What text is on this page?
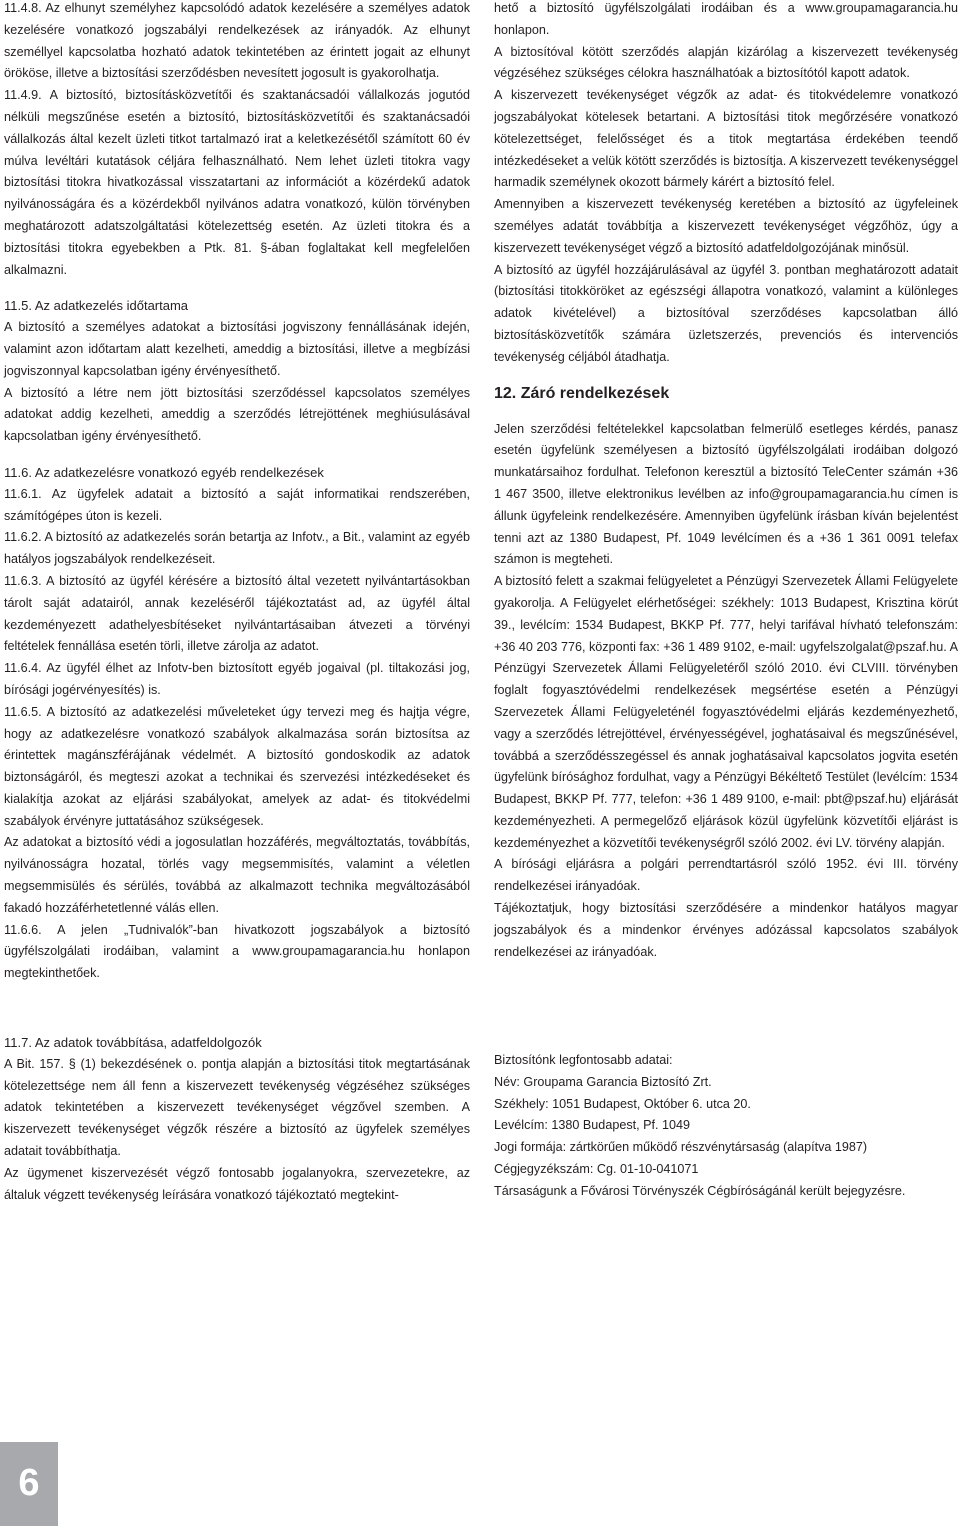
11.4.8. Az elhunyt személyhez kapcsolódó adatok kezelésére a személyes adatok kezelésére vonatkozó jogszabályi rendelkezések az irányadók. Az elhunyt személlyel kapcsolatba hozható adatok tekintetében az érintett jogait az elhunyt örököse, illetve a biztosítási szerződésben nevesített jogosult is gyakorolhatja.

11.4.9. A biztosító, biztosításközvetítői és szaktanácsadói vállalkozás jogutód nélküli megszűnése esetén a biztosító, biztosításközvetítői és szaktanácsadói vállalkozás által kezelt üzleti titkot tartalmazó irat a keletkezésétől számított 60 év múlva levéltári kutatások céljára felhasználható. Nem lehet üzleti titokra vagy biztosítási titokra hivatkozással visszatartani az információt a közérdekű adatok nyilvánosságára és a közérdekből nyilvános adatra vonatkozó, külön törvényben meghatározott adatszolgáltatási kötelezettség esetén. Az üzleti titokra és a biztosítási titokra egyebekben a Ptk. 81. §-ában foglaltakat kell megfelelően alkalmazni.

11.5. Az adatkezelés időtartama

A biztosító a személyes adatokat a biztosítási jogviszony fennállásának idején, valamint azon időtartam alatt kezelheti, ameddig a biztosítási, illetve a megbízási jogviszonnyal kapcsolatban igény érvényesíthető.

A biztosító a létre nem jött biztosítási szerződéssel kapcsolatos személyes adatokat addig kezelheti, ameddig a szerződés létrejöttének meghiúsulásával kapcsolatban igény érvényesíthető.

11.6. Az adatkezelésre vonatkozó egyéb rendelkezések

11.6.1. Az ügyfelek adatait a biztosító a saját informatikai rendszerében, számítógépes úton is kezeli.

11.6.2. A biztosító az adatkezelés során betartja az Infotv., a Bit., valamint az egyéb hatályos jogszabályok rendelkezéseit.

11.6.3. A biztosító az ügyfél kérésére a biztosító által vezetett nyilvántartásokban tárolt saját adatairól, annak kezeléséről tájékoztatást ad, az ügyfél által kezdeményezett adathelyesbítéseket nyilvántartásaiban átvezeti a törvényi feltételek fennállása esetén törli, illetve zárolja az adatot.

11.6.4. Az ügyfél élhet az Infotv-ben biztosított egyéb jogaival (pl. tiltakozási jog, bírósági jogérvényesítés) is.

11.6.5. A biztosító az adatkezelési műveleteket úgy tervezi meg és hajtja végre, hogy az adatkezelésre vonatkozó szabályok alkalmazása során biztosítsa az érintettek magánszférájának védelmét. A biztosító gondoskodik az adatok biztonságáról, és megteszi azokat a technikai és szervezési intézkedéseket és kialakítja azokat az eljárási szabályokat, amelyek az adat- és titokvédelmi szabályok érvényre juttatásához szükségesek.

Az adatokat a biztosító védi a jogosulatlan hozzáférés, megváltoztatás, továbbítás, nyilvánosságra hozatal, törlés vagy megsemmisítés, valamint a véletlen megsemmisülés és sérülés, továbbá az alkalmazott technika megváltozásából fakadó hozzáférhetetlenné válás ellen.

11.6.6. A jelen „Tudnivalók”-ban hivatkozott jogszabályok a biztosító ügyfélszolgálati irodáiban, valamint a www.groupamagarancia.hu honlapon megtekinthetőek.

hető a biztosító ügyfélszolgálati irodáiban és a www.groupamagarancia.hu honlapon.

A biztosítóval kötött szerződés alapján kizárólag a kiszervezett tevékenység végzéséhez szükséges célokra használhatóak a biztosítótól kapott adatok.

A kiszervezett tevékenységet végzők az adat- és titokvédelemre vonatkozó jogszabályokat kötelesek betartani. A biztosítási titok megőrzésére vonatkozó kötelezettséget, felelősséget és a titok megtartása érdekében teendő intézkedéseket a velük kötött szerződés is biztosítja. A kiszervezett tevékenységgel harmadik személynek okozott bármely kárért a biztosító felel.

Amennyiben a kiszervezett tevékenység keretében a biztosító az ügyfeleinek személyes adatát továbbítja a kiszervezett tevékenységet végzőhöz, úgy a kiszervezett tevékenységet végző a biztosító adatfeldolgozójának minősül.

A biztosító az ügyfél hozzájárulásával az ügyfél 3. pontban meghatározott adatait (biztosítási titokköröket az egészségi állapotra vonatkozó, valamint a különleges adatok kivételével) a biztosítóval szerződéses kapcsolatban álló biztosításközvetítők számára üzletszerzés, prevenciós és intervenciós tevékenység céljából átadhatja.

12. Záró rendelkezések

Jelen szerződési feltételekkel kapcsolatban felmerülő esetleges kérdés, panasz esetén ügyfelünk személyesen a biztosító ügyfélszolgálati irodáiban dolgozó munkatársaihoz fordulhat. Telefonon keresztül a biztosító TeleCenter számán +36 1 467 3500, illetve elektronikus levélben az info@groupamagarancia.hu címen is állunk ügyfeleink rendelkezésére. Amennyiben ügyfelünk írásban kíván bejelentést tenni azt az 1380 Budapest, Pf. 1049 levélcímen és a +36 1 361 0091 telefax számon is megteheti.

A biztosító felett a szakmai felügyeletet a Pénzügyi Szervezetek Állami Felügyelete gyakorolja. A Felügyelet elérhetőségei: székhely: 1013 Budapest, Krisztina körút 39., levélcím: 1534 Budapest, BKKP Pf. 777, helyi tarifával hívható telefonszám: +36 40 203 776, központi fax: +36 1 489 9102, e-mail: ugyfelszolgalat@pszaf.hu. A Pénzügyi Szervezetek Állami Felügyeletéről szóló 2010. évi CLVIII. törvényben foglalt fogyasztóvédelmi rendelkezések megsértése esetén a Pénzügyi Szervezetek Állami Felügyeleténél fogyasztóvédelmi eljárás kezdeményezhető, vagy a szerződés létrejöttével, érvényességével, joghatásaival és megszűnésével, továbbá a szerződésszegéssel és annak joghatásaival kapcsolatos jogvita esetén ügyfelünk bírósághoz fordulhat, vagy a Pénzügyi Békéltető Testület (levélcím: 1534 Budapest, BKKP Pf. 777, telefon: +36 1 489 9100, e-mail: pbt@pszaf.hu) eljárását kezdeményezheti. A permegelőző eljárások közül ügyfelünk közvetítői eljárást is kezdeményezhet a közvetítői tevékenységről szóló 2002. évi LV. törvény alapján.

A bírósági eljárásra a polgári perrendtartásról szóló 1952. évi III. törvény rendelkezései irányadóak.

Tájékoztatjuk, hogy biztosítási szerződésére a mindenkor hatályos magyar jogszabályok és a mindenkor érvényes adózással kapcsolatos szabályok rendelkezései az irányadóak.

11.7. Az adatok továbbítása, adatfeldolgozók

A Bit. 157. § (1) bekezdésének o. pontja alapján a biztosítási titok megtartásának kötelezettsége nem áll fenn a kiszervezett tevékenység végzéséhez szükséges adatok tekintetében a kiszervezett tevékenységet végzővel szemben. A kiszervezett tevékenységet végzők részére a biztosító az ügyfelek személyes adatait továbbíthatja.

Az ügymenet kiszervezését végző fontosabb jogalanyokra, szervezetekre, az általuk végzett tevékenység leírására vonatkozó tájékoztató megtekint-

Biztosítónk legfontosabb adatai:

Név: Groupama Garancia Biztosító Zrt.

Székhely: 1051 Budapest, Október 6. utca 20.

Levélcím: 1380 Budapest, Pf. 1049

Jogi formája: zártkörűen működő részvénytársaság (alapítva 1987)

Cégjegyzékszám: Cg. 01-10-041071

Társaságunk a Fővárosi Törvényszék Cégbíróságánál került bejegyzésre.

6
